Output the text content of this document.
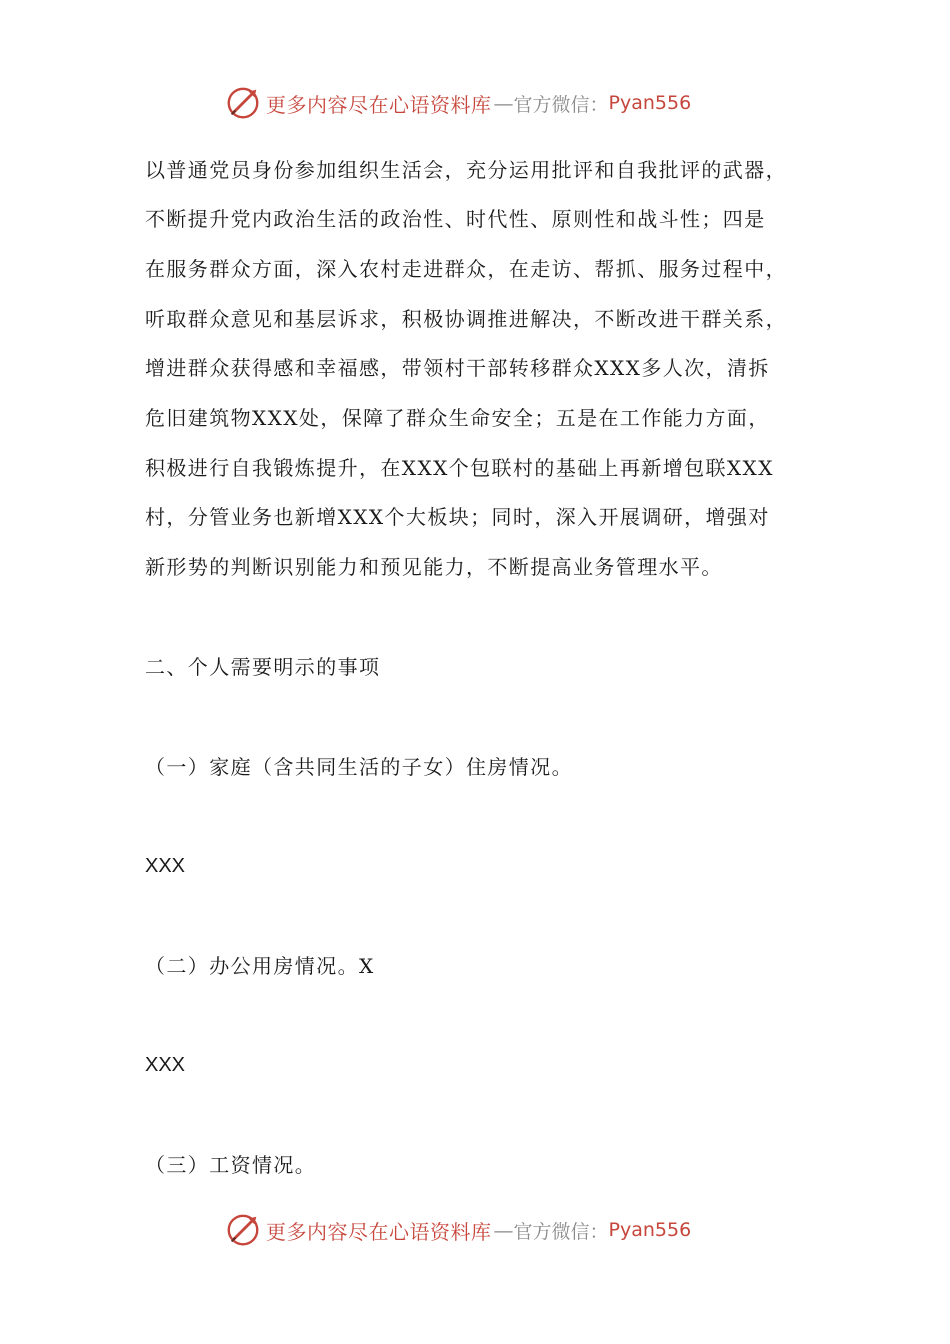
更多内容尽在心语资料库 — 官方微信： Pyan556
以普通党员身份参加组织生活会，充分运用批评和自我批评的武器，
不断提升党内政治生活的政治性、时代性、原则性和战斗性；四是
在服务群众方面，深入农村走进群众，在走访、帮抓、服务过程中，
听取群众意见和基层诉求，积极协调推进解决，不断改进干群关系，
增进群众获得感和幸福感，带领村干部转移群众XXX多人次，清拆
危旧建筑物XXX处，保障了群众生命安全；五是在工作能力方面，
积极进行自我锻炼提升，在XXX个包联村的基础上再新增包联XXX
村，分管业务也新增XXX个大板块；同时，深入开展调研，增强对
新形势的判断识别能力和预见能力，不断提高业务管理水平。
二、个人需要明示的事项
（一）家庭（含共同生活的子女）住房情况。
XXX
（二）办公用房情况。X
XXX
（三）工资情况。
更多内容尽在心语资料库 — 官方微信： Pyan556
